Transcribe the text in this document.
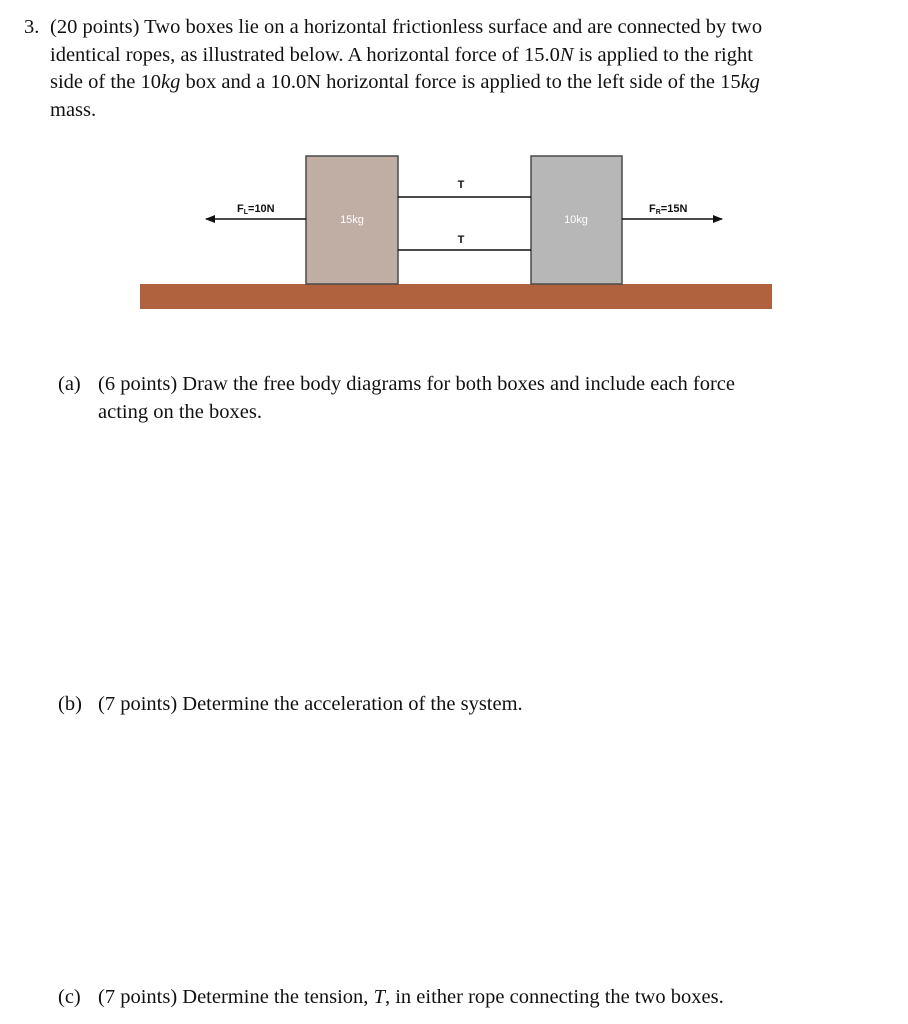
3. (20 points) Two boxes lie on a horizontal frictionless surface and are connected by two
identical ropes, as illustrated below. A horizontal force of 15.0N is applied to the right
side of the 10kg box and a 10.0N horizontal force is applied to the left side of the 15kg
mass.
15kg	10kg
T
T
FL=10N	FR=15N
(a) (6 points) Draw the free body diagrams for both boxes and include each force
acting on the boxes.
(b) (7 points) Determine the acceleration of the system.
(c) (7 points) Determine the tension, T, in either rope connecting the two boxes.
